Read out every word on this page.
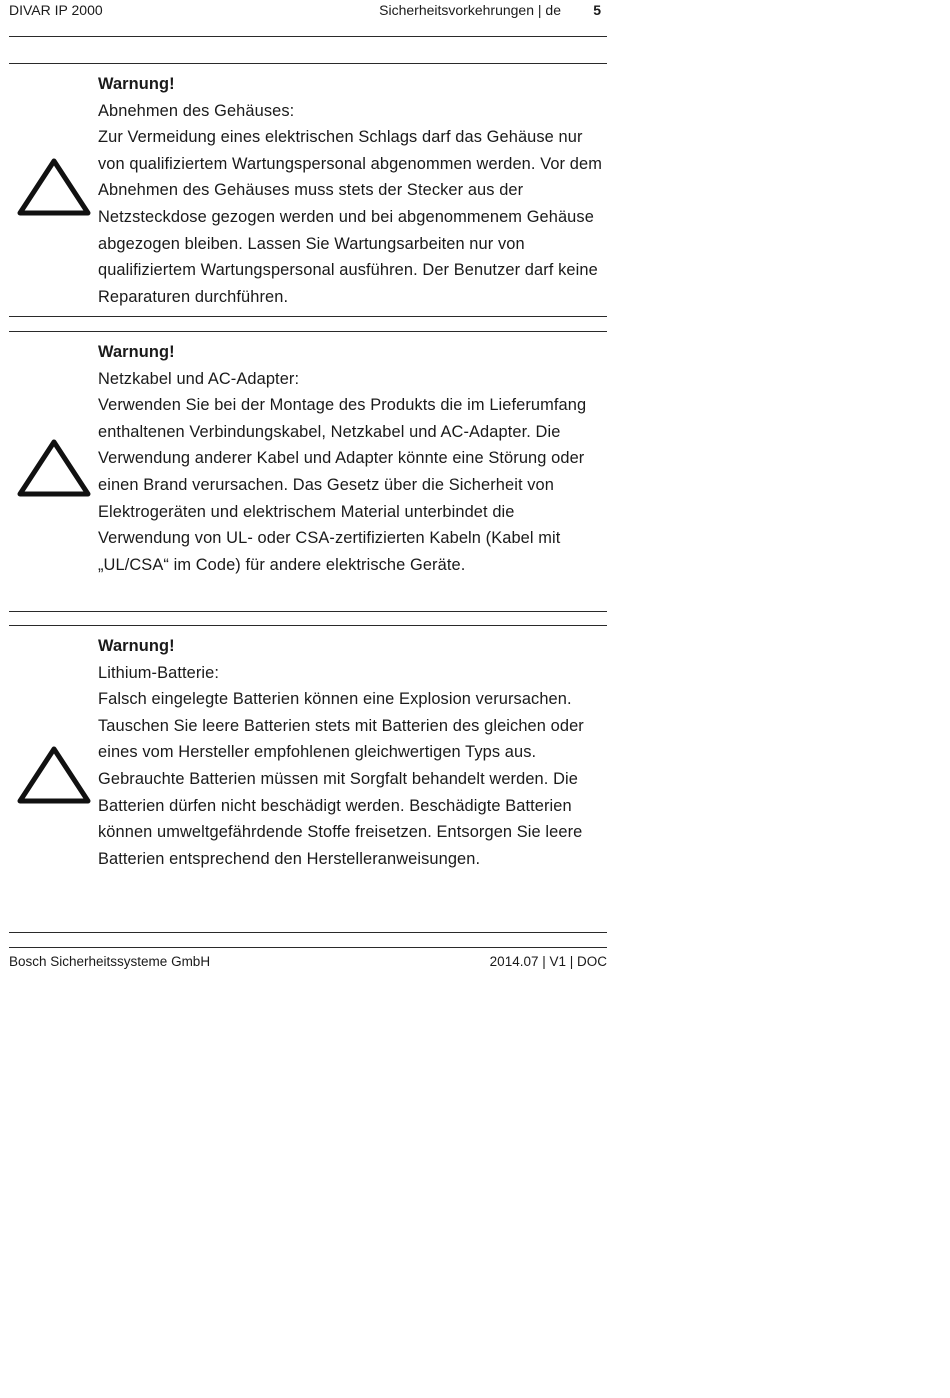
DIVAR IP 2000	Sicherheitsvorkehrungen | de 5
Warnung!
Abnehmen des Gehäuses:
Zur Vermeidung eines elektrischen Schlags darf das Gehäuse nur von qualifiziertem Wartungspersonal abgenommen werden. Vor dem Abnehmen des Gehäuses muss stets der Stecker aus der Netzsteckdose gezogen werden und bei abgenommenem Gehäuse abgezogen bleiben. Lassen Sie Wartungsarbeiten nur von qualifiziertem Wartungspersonal ausführen. Der Benutzer darf keine Reparaturen durchführen.
Warnung!
Netzkabel und AC-Adapter:
Verwenden Sie bei der Montage des Produkts die im Lieferumfang enthaltenen Verbindungskabel, Netzkabel und AC-Adapter. Die Verwendung anderer Kabel und Adapter könnte eine Störung oder einen Brand verursachen. Das Gesetz über die Sicherheit von Elektrogeräten und elektrischem Material unterbindet die Verwendung von UL- oder CSA-zertifizierten Kabeln (Kabel mit „UL/CSA“ im Code) für andere elektrische Geräte.
Warnung!
Lithium-Batterie:
Falsch eingelegte Batterien können eine Explosion verursachen. Tauschen Sie leere Batterien stets mit Batterien des gleichen oder eines vom Hersteller empfohlenen gleichwertigen Typs aus.
Gebrauchte Batterien müssen mit Sorgfalt behandelt werden. Die Batterien dürfen nicht beschädigt werden. Beschädigte Batterien können umweltgefährdende Stoffe freisetzen. Entsorgen Sie leere Batterien entsprechend den Herstelleranweisungen.
Bosch Sicherheitssysteme GmbH	2014.07 | V1 | DOC
